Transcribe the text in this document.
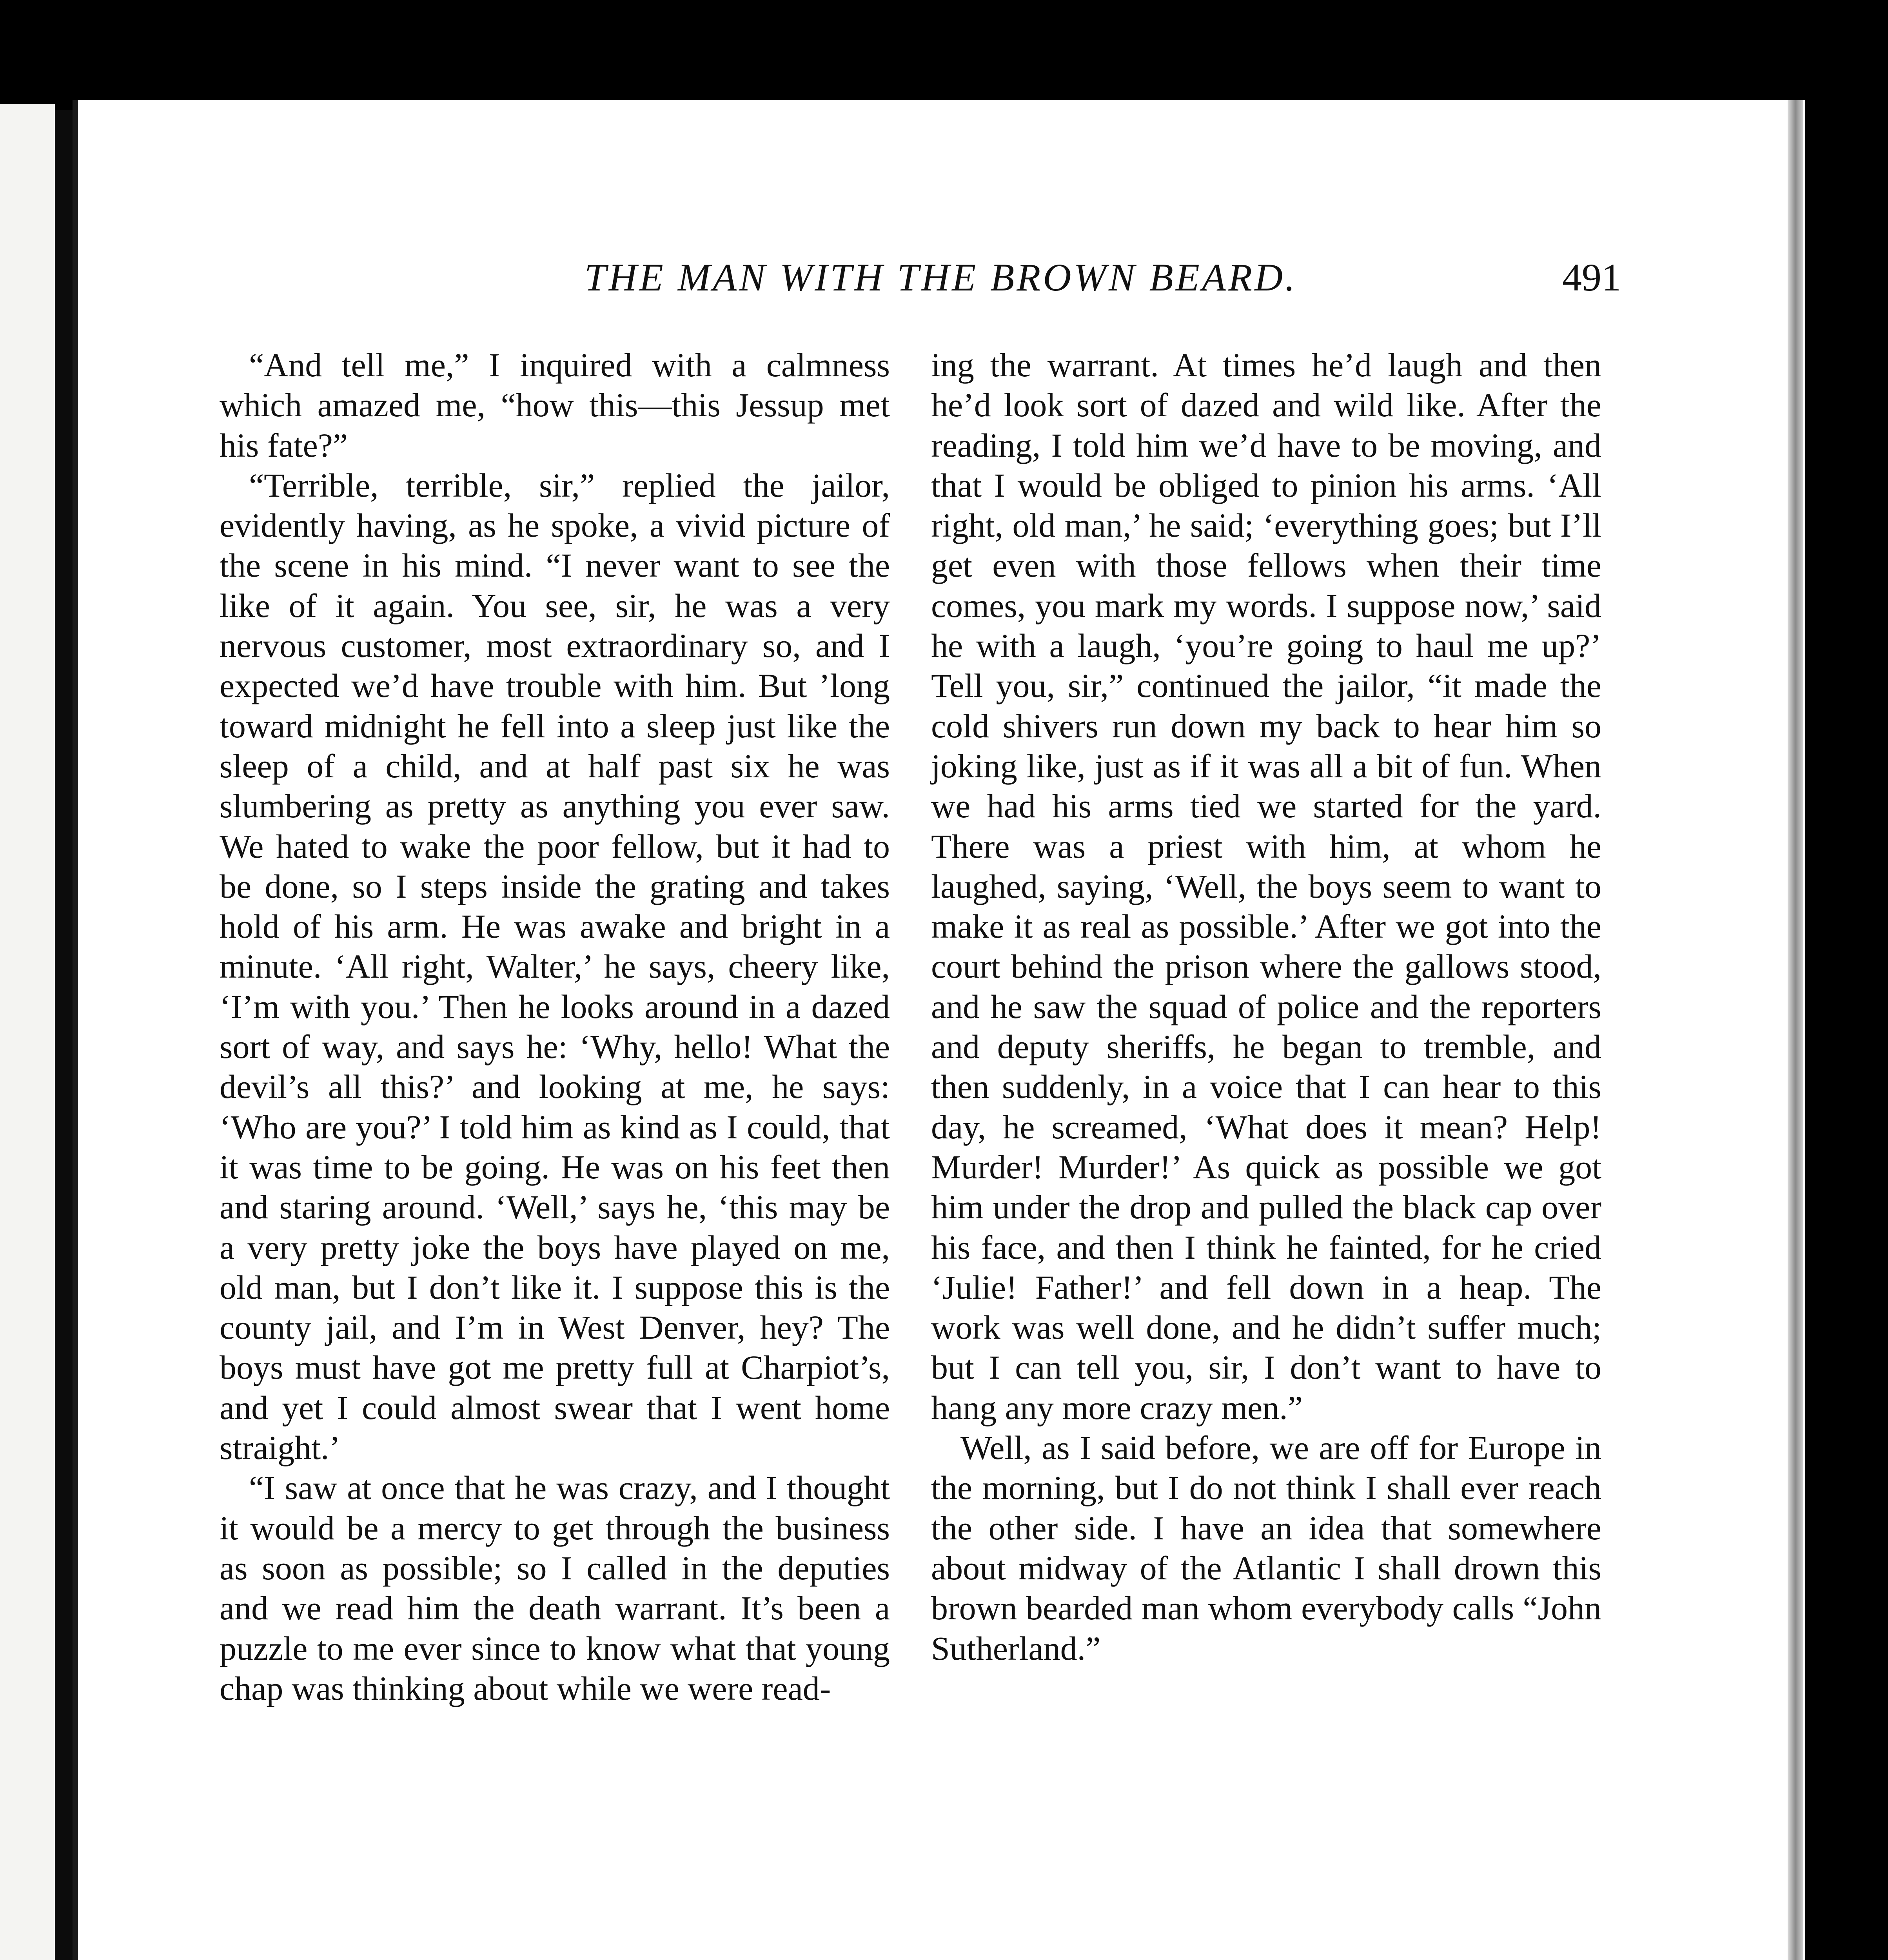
THE MAN WITH THE BROWN BEARD.	491

“And tell me,” I inquired with a calmness which amazed me, “how this—this Jessup met his fate?”

“Terrible, terrible, sir,” replied the jailor, evidently having, as he spoke, a vivid picture of the scene in his mind. “I never want to see the like of it again. You see, sir, he was a very nervous customer, most extraordinary so, and I expected we’d have trouble with him. But ’long toward midnight he fell into a sleep just like the sleep of a child, and at half past six he was slumbering as pretty as anything you ever saw. We hated to wake the poor fellow, but it had to be done, so I steps inside the grating and takes hold of his arm. He was awake and bright in a minute. ‘All right, Walter,’ he says, cheery like, ‘I’m with you.’ Then he looks around in a dazed sort of way, and says he: ‘Why, hello! What the devil’s all this?’ and looking at me, he says: ‘Who are you?’ I told him as kind as I could, that it was time to be going. He was on his feet then and staring around. ‘Well,’ says he, ‘this may be a very pretty joke the boys have played on me, old man, but I don’t like it. I suppose this is the county jail, and I’m in West Denver, hey? The boys must have got me pretty full at Charpiot’s, and yet I could almost swear that I went home straight.’

“I saw at once that he was crazy, and I thought it would be a mercy to get through the business as soon as possible; so I called in the deputies and we read him the death warrant. It’s been a puzzle to me ever since to know what that young chap was thinking about while we were read-

ing the warrant. At times he’d laugh and then he’d look sort of dazed and wild like. After the reading, I told him we’d have to be moving, and that I would be obliged to pinion his arms. ‘All right, old man,’ he said; ‘everything goes; but I’ll get even with those fellows when their time comes, you mark my words. I suppose now,’ said he with a laugh, ‘you’re going to haul me up?’ Tell you, sir,” continued the jailor, “it made the cold shivers run down my back to hear him so joking like, just as if it was all a bit of fun. When we had his arms tied we started for the yard. There was a priest with him, at whom he laughed, saying, ‘Well, the boys seem to want to make it as real as possible.’ After we got into the court behind the prison where the gallows stood, and he saw the squad of police and the reporters and deputy sheriffs, he began to tremble, and then suddenly, in a voice that I can hear to this day, he screamed, ‘What does it mean? Help! Murder! Murder!’ As quick as possible we got him under the drop and pulled the black cap over his face, and then I think he fainted, for he cried ‘Julie! Father!’ and fell down in a heap. The work was well done, and he didn’t suffer much; but I can tell you, sir, I don’t want to have to hang any more crazy men.”

Well, as I said before, we are off for Europe in the morning, but I do not think I shall ever reach the other side. I have an idea that somewhere about midway of the Atlantic I shall drown this brown bearded man whom everybody calls “John Sutherland.”
